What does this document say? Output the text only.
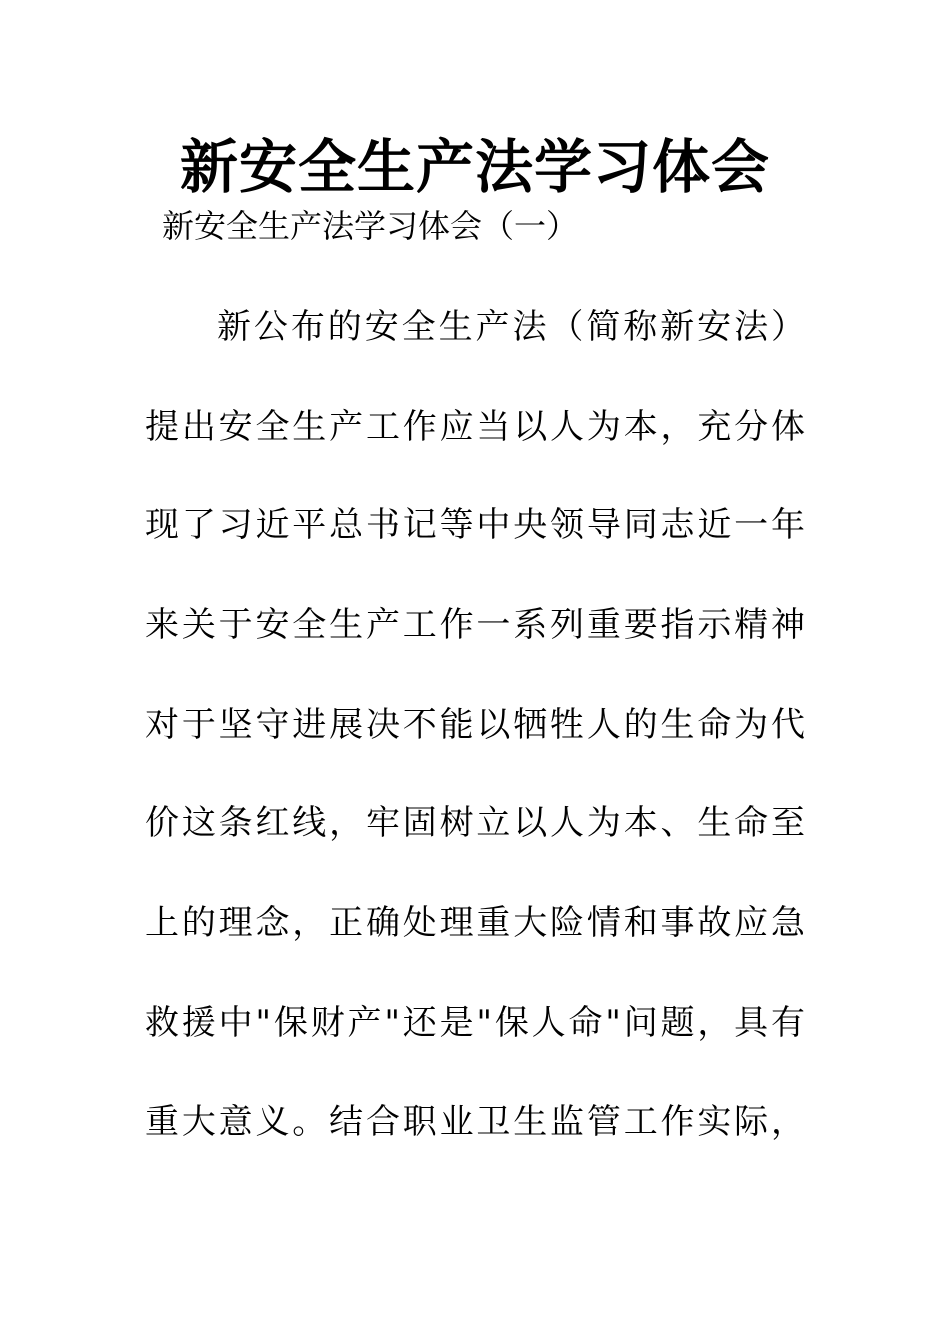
新安全生产法学习体会
新安全生产法学习体会（一）
新公布的安全生产法（简称新安法）
提出安全生产工作应当以人为本，充分体
现了习近平总书记等中央领导同志近一年
来关于安全生产工作一系列重要指示精神
对于坚守进展决不能以牺牲人的生命为代
价这条红线，牢固树立以人为本、生命至
上的理念，正确处理重大险情和事故应急
救援中"保财产"还是"保人命"问题，具有
重大意义。结合职业卫生监管工作实际，
